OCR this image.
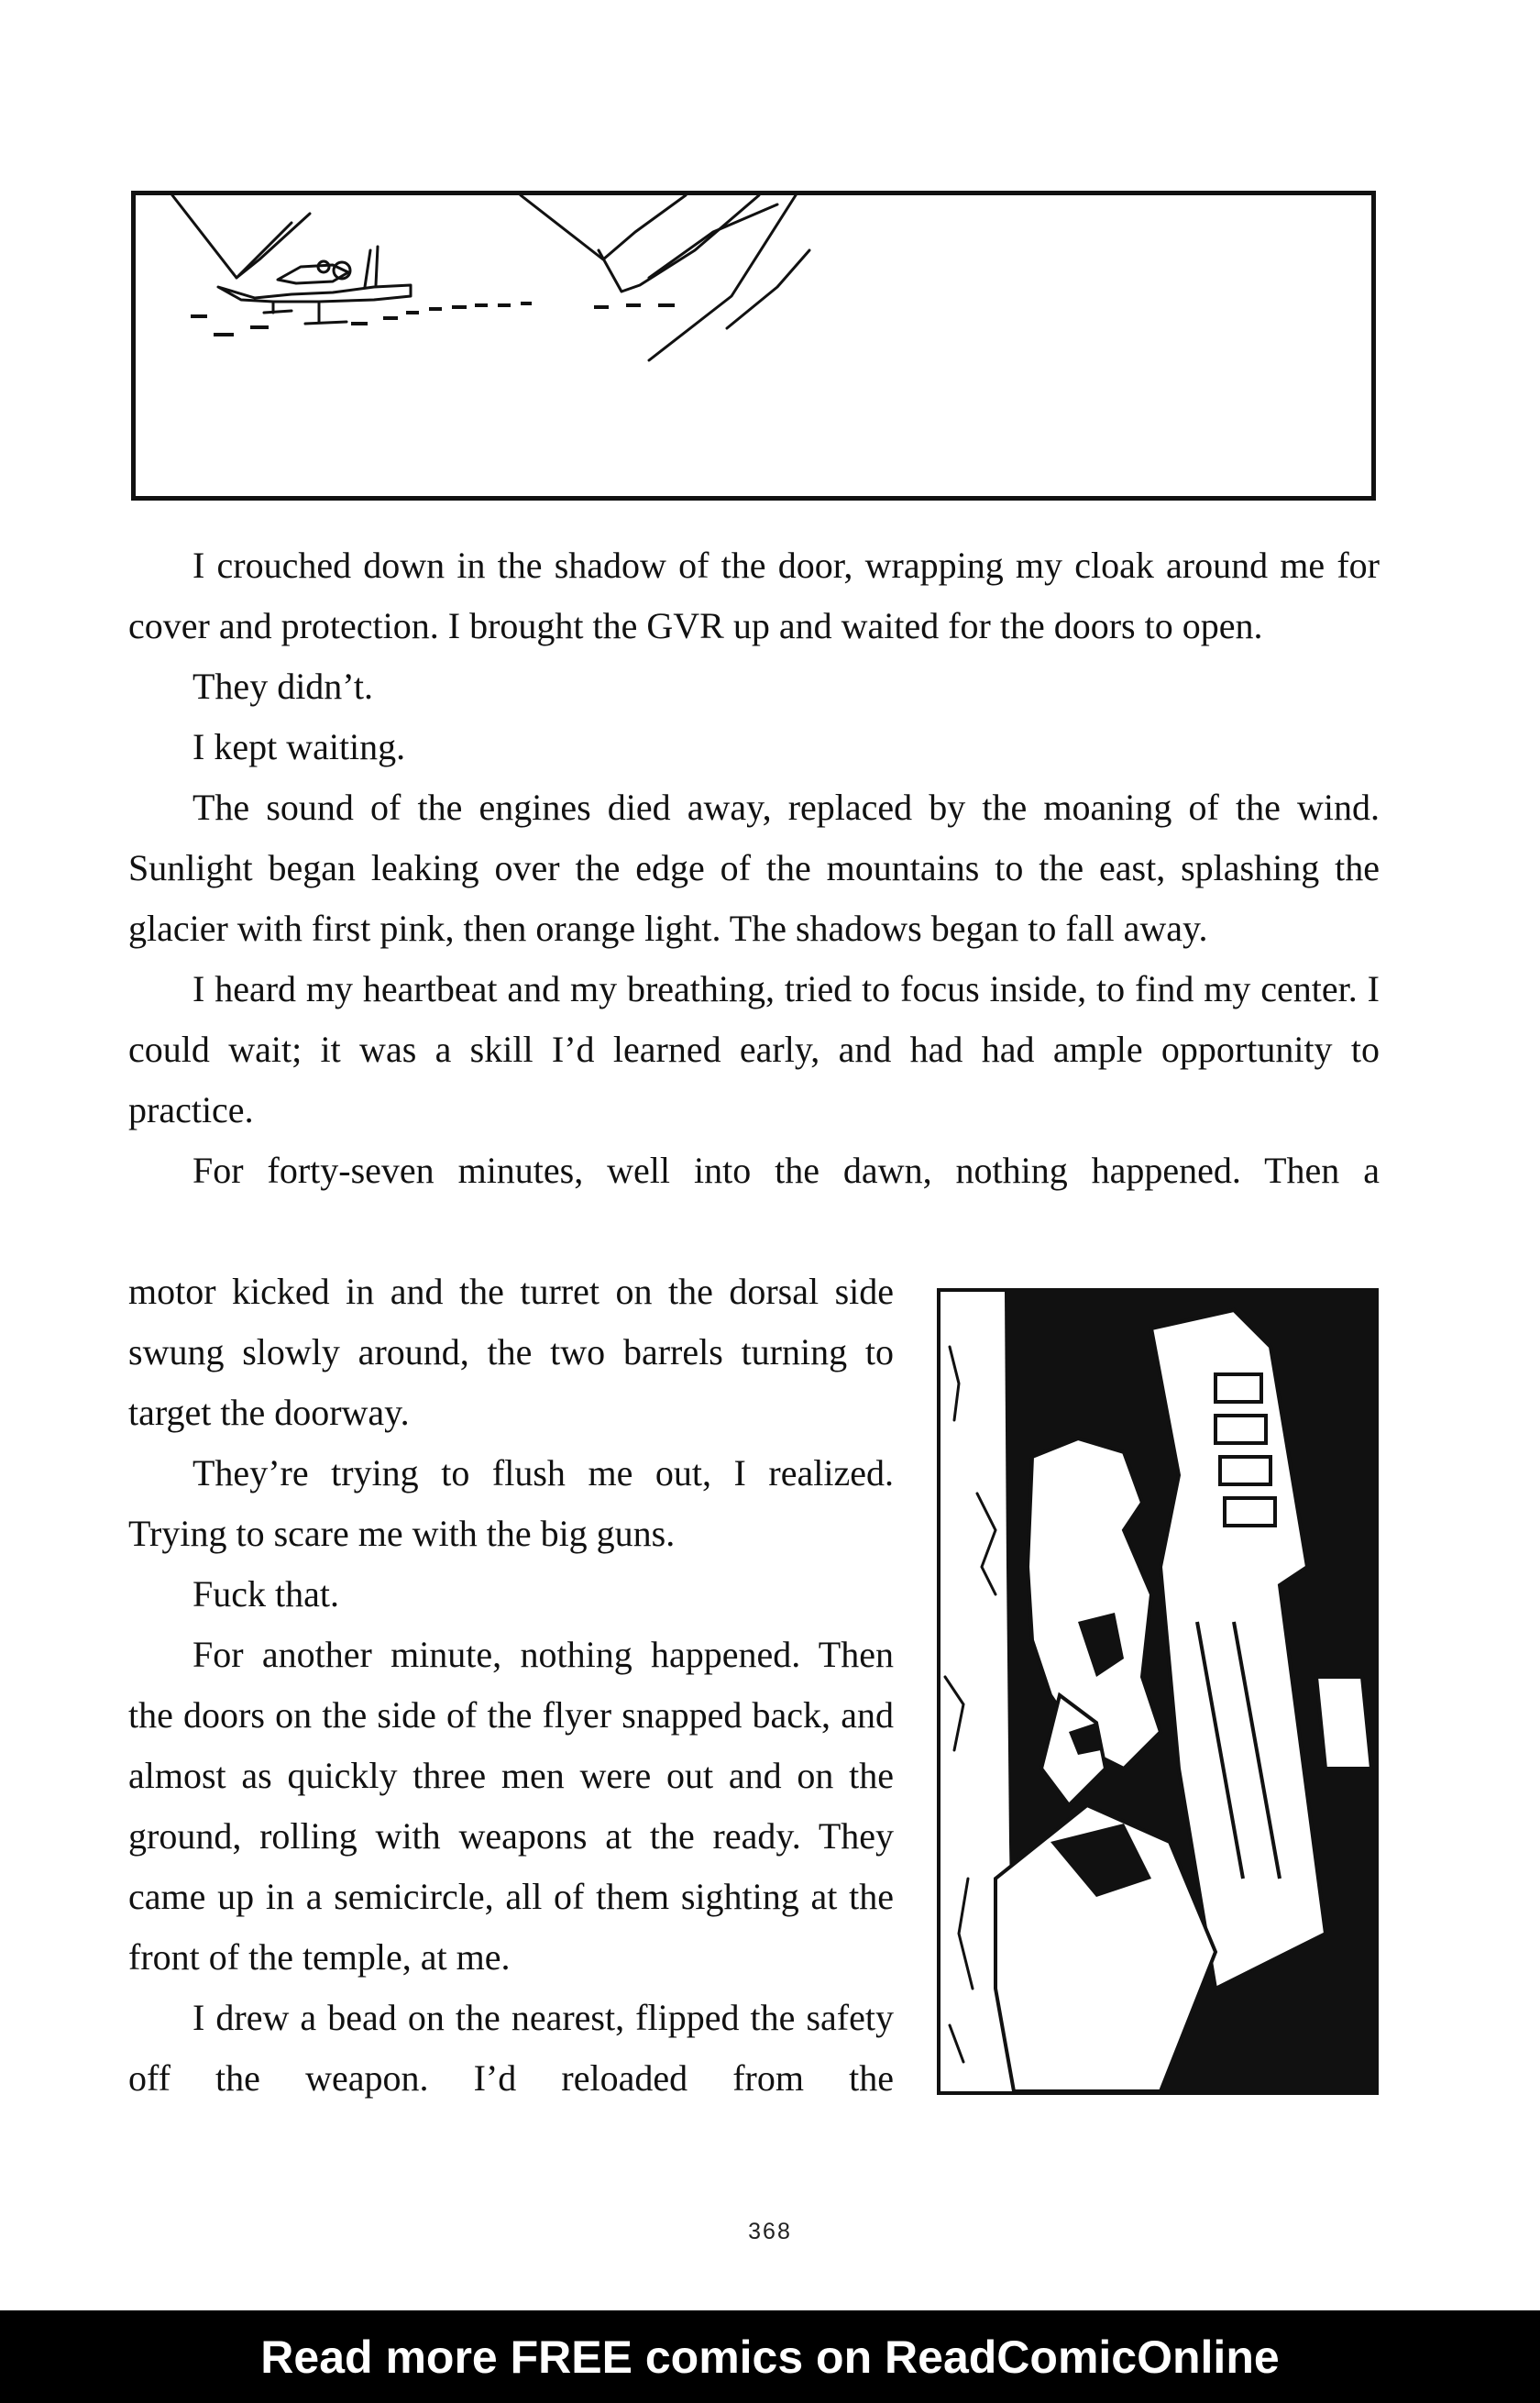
I crouched down in the shadow of the door, wrapping my cloak around me for cover and protection. I brought the GVR up and waited for the doors to open.

They didn’t.

I kept waiting.

The sound of the engines died away, replaced by the moaning of the wind. Sunlight began leaking over the edge of the mountains to the east, splashing the glacier with first pink, then orange light. The shadows began to fall away.

I heard my heartbeat and my breathing, tried to focus inside, to find my center. I could wait; it was a skill I’d learned early, and had had ample opportunity to practice.

For forty-seven minutes, well into the dawn, nothing happened. Then a

motor kicked in and the turret on the dorsal side swung slowly around, the two barrels turning to target the doorway.

They’re trying to flush me out, I realized. Trying to scare me with the big guns.

Fuck that.

For another minute, nothing happened. Then the doors on the side of the flyer snapped back, and almost as quickly three men were out and on the ground, rolling with weapons at the ready. They came up in a semicircle, all of them sighting at the front of the temple, at me.

I drew a bead on the nearest, flipped the safety off the weapon. I’d reloaded from the

368
Read more FREE comics on ReadComicOnline
